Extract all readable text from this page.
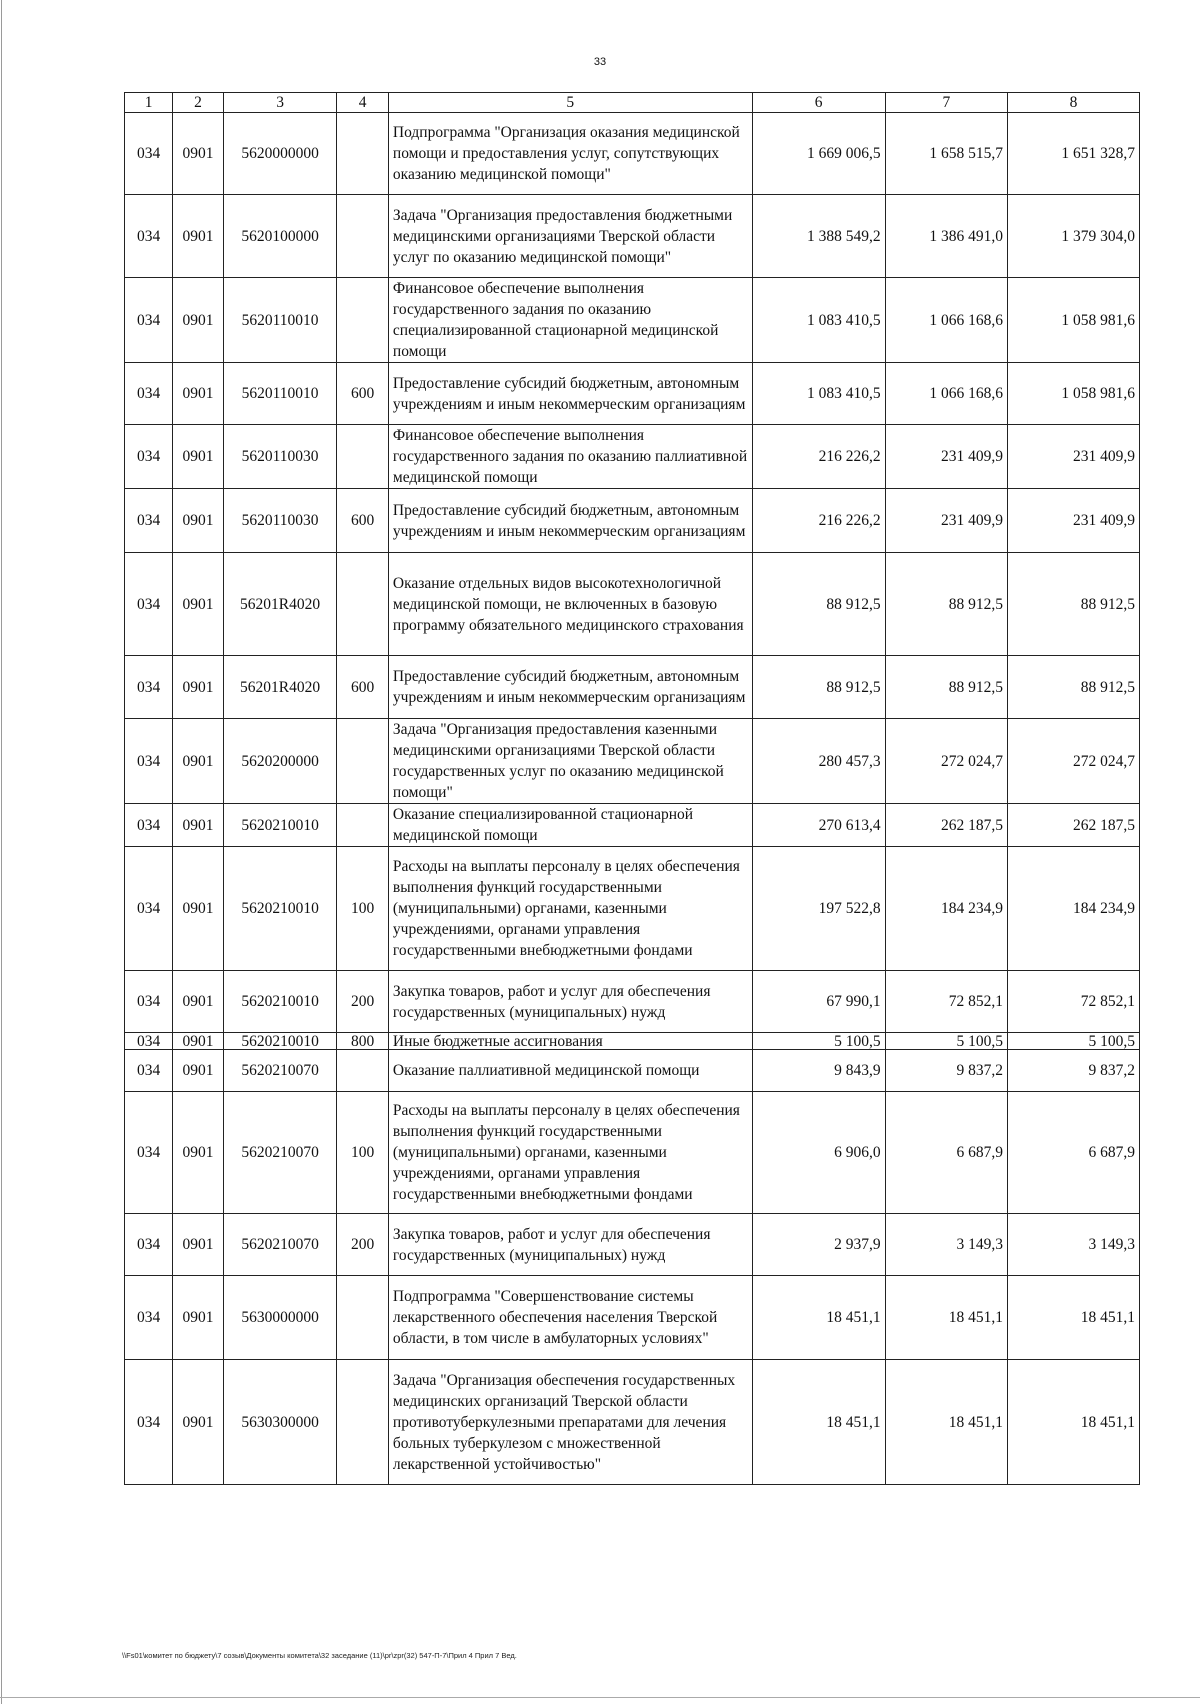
33
1	2	3	4	5	6	7	8
034	0901	5620000000		Подпрограмма "Организация оказания медицинской помощи и предоставления услуг, сопутствующих оказанию медицинской помощи"	1 669 006,5	1 658 515,7	1 651 328,7
034	0901	5620100000		Задача "Организация предоставления бюджетными медицинскими организациями Тверской области услуг по оказанию медицинской помощи"	1 388 549,2	1 386 491,0	1 379 304,0
034	0901	5620110010		Финансовое обеспечение выполнения государственного задания по оказанию специализированной стационарной медицинской помощи	1 083 410,5	1 066 168,6	1 058 981,6
034	0901	5620110010	600	Предоставление субсидий бюджетным, автономным учреждениям и иным некоммерческим организациям	1 083 410,5	1 066 168,6	1 058 981,6
034	0901	5620110030		Финансовое обеспечение выполнения государственного задания по оказанию паллиативной медицинской помощи	216 226,2	231 409,9	231 409,9
034	0901	5620110030	600	Предоставление субсидий бюджетным, автономным учреждениям и иным некоммерческим организациям	216 226,2	231 409,9	231 409,9
034	0901	56201R4020		Оказание отдельных видов высокотехнологичной медицинской помощи, не включенных в базовую программу обязательного медицинского страхования	88 912,5	88 912,5	88 912,5
034	0901	56201R4020	600	Предоставление субсидий бюджетным, автономным учреждениям и иным некоммерческим организациям	88 912,5	88 912,5	88 912,5
034	0901	5620200000		Задача "Организация предоставления казенными медицинскими организациями Тверской области государственных услуг по оказанию медицинской помощи"	280 457,3	272 024,7	272 024,7
034	0901	5620210010		Оказание специализированной стационарной медицинской помощи	270 613,4	262 187,5	262 187,5
034	0901	5620210010	100	Расходы на выплаты персоналу в целях обеспечения выполнения функций государственными (муниципальными) органами, казенными учреждениями, органами управления государственными внебюджетными фондами	197 522,8	184 234,9	184 234,9
034	0901	5620210010	200	Закупка товаров, работ и услуг для обеспечения государственных (муниципальных) нужд	67 990,1	72 852,1	72 852,1
034	0901	5620210010	800	Иные бюджетные ассигнования	5 100,5	5 100,5	5 100,5
034	0901	5620210070		Оказание паллиативной медицинской помощи	9 843,9	9 837,2	9 837,2
034	0901	5620210070	100	Расходы на выплаты персоналу в целях обеспечения выполнения функций государственными (муниципальными) органами, казенными учреждениями, органами управления государственными внебюджетными фондами	6 906,0	6 687,9	6 687,9
034	0901	5620210070	200	Закупка товаров, работ и услуг для обеспечения государственных (муниципальных) нужд	2 937,9	3 149,3	3 149,3
034	0901	5630000000		Подпрограмма "Совершенствование системы лекарственного обеспечения населения Тверской области, в том числе в амбулаторных условиях"	18 451,1	18 451,1	18 451,1
034	0901	5630300000		Задача "Организация обеспечения государственных медицинских организаций Тверской области противотуберкулезными препаратами для лечения больных туберкулезом с множественной лекарственной устойчивостью"	18 451,1	18 451,1	18 451,1
\\Fs01\комитет по бюджету\7 созыв\Документы комитета\32 заседание (11)\pr\zpr(32) 547-П-7\Прил 4 Прил 7 Вед.
